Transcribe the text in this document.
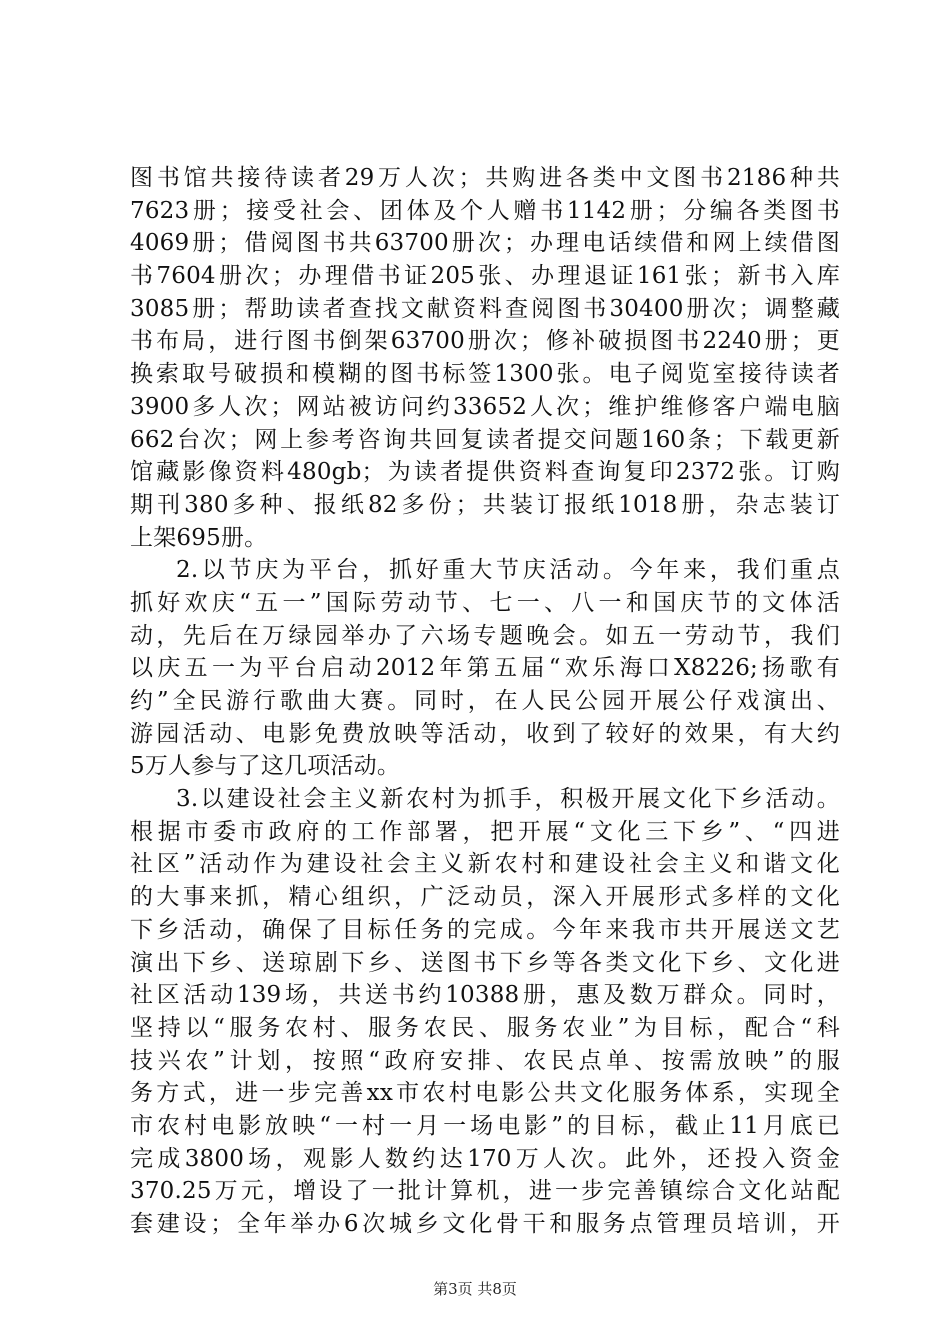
图书馆共接待读者29万人次；共购进各类中文图书2186种共
7623册；接受社会、团体及个人赠书1142册；分编各类图书
4069册；借阅图书共63700册次；办理电话续借和网上续借图
书7604册次；办理借书证205张、办理退证161张；新书入库
3085册；帮助读者查找文献资料查阅图书30400册次；调整藏
书布局，进行图书倒架63700册次；修补破损图书2240册；更
换索取号破损和模糊的图书标签1300张。电子阅览室接待读者
3900多人次；网站被访问约33652人次；维护维修客户端电脑
662台次；网上参考咨询共回复读者提交问题160条；下载更新
馆藏影像资料480gb；为读者提供资料查询复印2372张。订购
期刊380多种、报纸82多份；共装订报纸1018册，杂志装订
上架695册。
2.以节庆为平台，抓好重大节庆活动。今年来，我们重点
抓好欢庆“五一”国际劳动节、七一、八一和国庆节的文体活
动，先后在万绿园举办了六场专题晚会。如五一劳动节，我们
以庆五一为平台启动2012年第五届“欢乐海口X8226;扬歌有
约”全民游行歌曲大赛。同时，在人民公园开展公仔戏演出、
游园活动、电影免费放映等活动，收到了较好的效果，有大约
5万人参与了这几项活动。
3.以建设社会主义新农村为抓手，积极开展文化下乡活动。
根据市委市政府的工作部署，把开展“文化三下乡”、“四进
社区”活动作为建设社会主义新农村和建设社会主义和谐文化
的大事来抓，精心组织，广泛动员，深入开展形式多样的文化
下乡活动，确保了目标任务的完成。今年来我市共开展送文艺
演出下乡、送琼剧下乡、送图书下乡等各类文化下乡、文化进
社区活动139场，共送书约10388册，惠及数万群众。同时，
坚持以“服务农村、服务农民、服务农业”为目标，配合“科
技兴农”计划，按照“政府安排、农民点单、按需放映”的服
务方式，进一步完善xx市农村电影公共文化服务体系，实现全
市农村电影放映“一村一月一场电影”的目标，截止11月底已
完成3800场，观影人数约达170万人次。此外，还投入资金
370.25万元，增设了一批计算机，进一步完善镇综合文化站配
套建设；全年举办6次城乡文化骨干和服务点管理员培训，开
第3页 共8页
